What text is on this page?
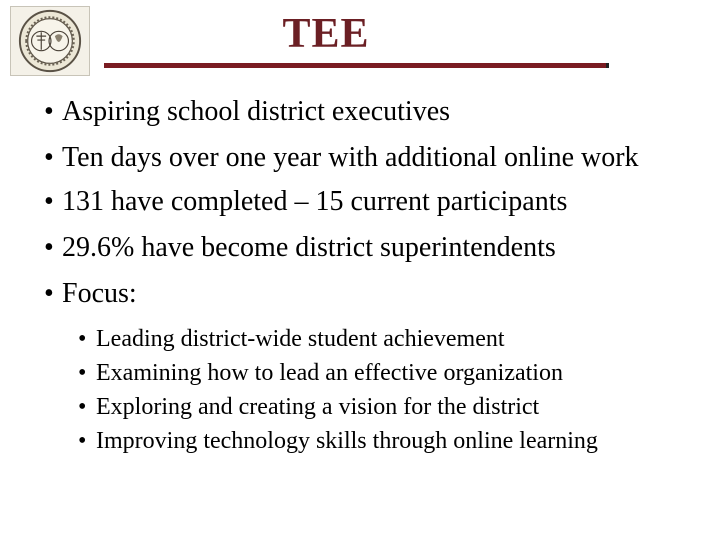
TEE
• Aspiring school district executives
• Ten days over one year with additional online work
• 131 have completed – 15 current participants
• 29.6% have become district superintendents
• Focus:
• Leading district-wide student achievement
• Examining how to lead an effective organization
• Exploring and creating a vision for the district
• Improving technology skills through online learning
